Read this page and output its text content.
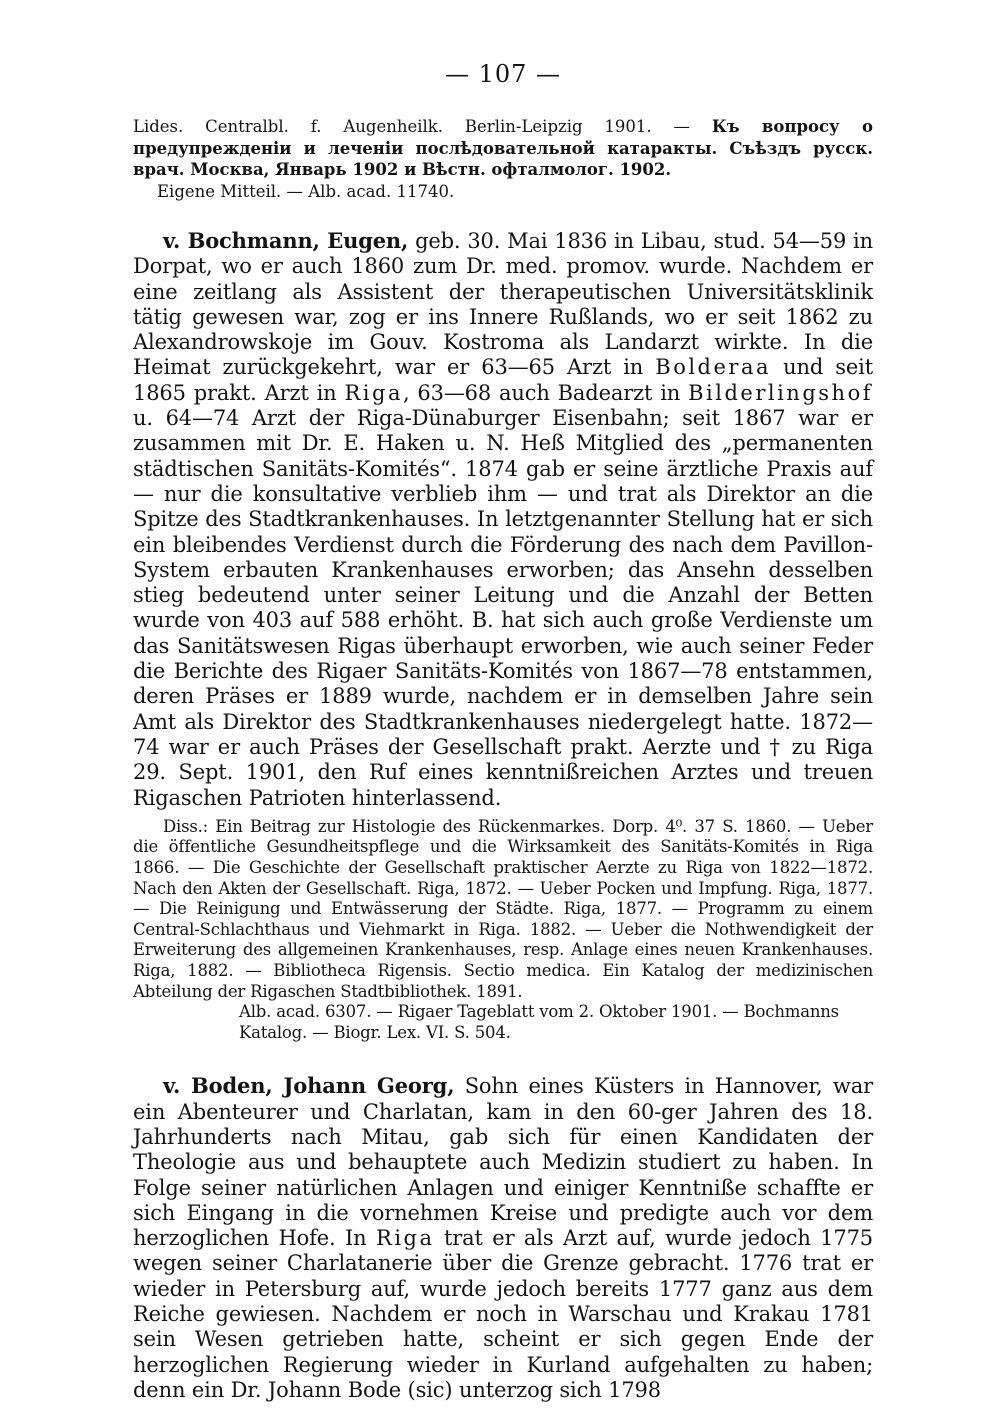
— 107 —

Lides. Centralbl. f. Augenheilk. Berlin-Leipzig 1901. — Къ вопросу о предупрежденіи и леченіи послѣдовательной катаракты. Съѣздъ русск. врач. Москва, Январь 1902 и Вѣстн. офталмолог. 1902.

Eigene Mitteil. — Alb. acad. 11740.

v. Bochmann, Eugen, geb. 30. Mai 1836 in Libau, stud. 54—59 in Dorpat, wo er auch 1860 zum Dr. med. promov. wurde. Nachdem er eine zeitlang als Assistent der therapeutischen Universitätsklinik tätig gewesen war, zog er ins Innere Rußlands, wo er seit 1862 zu Alexandrowskoje im Gouv. Kostroma als Landarzt wirkte. In die Heimat zurückgekehrt, war er 63—65 Arzt in Bolderaa und seit 1865 prakt. Arzt in Riga, 63—68 auch Badearzt in Bilderlingshof u. 64—74 Arzt der Riga-Dünaburger Eisenbahn; seit 1867 war er zusammen mit Dr. E. Haken u. N. Heß Mitglied des „permanenten städtischen Sanitäts-Komités“. 1874 gab er seine ärztliche Praxis auf — nur die konsultative verblieb ihm — und trat als Direktor an die Spitze des Stadtkrankenhauses. In letztgenannter Stellung hat er sich ein bleibendes Verdienst durch die Förderung des nach dem Pavillon-System erbauten Krankenhauses erworben; das Ansehn desselben stieg bedeutend unter seiner Leitung und die Anzahl der Betten wurde von 403 auf 588 erhöht. B. hat sich auch große Verdienste um das Sanitätswesen Rigas überhaupt erworben, wie auch seiner Feder die Berichte des Rigaer Sanitäts-Komités von 1867—78 entstammen, deren Präses er 1889 wurde, nachdem er in demselben Jahre sein Amt als Direktor des Stadtkrankenhauses niedergelegt hatte. 1872—74 war er auch Präses der Gesellschaft prakt. Aerzte und † zu Riga 29. Sept. 1901, den Ruf eines kenntnißreichen Arztes und treuen Rigaschen Patrioten hinterlassend.

Diss.: Ein Beitrag zur Histologie des Rückenmarkes. Dorp. 4⁰. 37 S. 1860. — Ueber die öffentliche Gesundheitspflege und die Wirksamkeit des Sanitäts-Komités in Riga 1866. — Die Geschichte der Gesellschaft praktischer Aerzte zu Riga von 1822—1872. Nach den Akten der Gesellschaft. Riga, 1872. — Ueber Pocken und Impfung. Riga, 1877. — Die Reinigung und Entwässerung der Städte. Riga, 1877. — Programm zu einem Central-Schlachthaus und Viehmarkt in Riga. 1882. — Ueber die Nothwendigkeit der Erweiterung des allgemeinen Krankenhauses, resp. Anlage eines neuen Krankenhauses. Riga, 1882. — Bibliotheca Rigensis. Sectio medica. Ein Katalog der medizinischen Abteilung der Rigaschen Stadtbibliothek. 1891.

Alb. acad. 6307. — Rigaer Tageblatt vom 2. Oktober 1901. — Bochmanns Katalog. — Biogr. Lex. VI. S. 504.

v. Boden, Johann Georg, Sohn eines Küsters in Hannover, war ein Abenteurer und Charlatan, kam in den 60-ger Jahren des 18. Jahrhunderts nach Mitau, gab sich für einen Kandidaten der Theologie aus und behauptete auch Medizin studiert zu haben. In Folge seiner natürlichen Anlagen und einiger Kenntniße schaffte er sich Eingang in die vornehmen Kreise und predigte auch vor dem herzoglichen Hofe. In Riga trat er als Arzt auf, wurde jedoch 1775 wegen seiner Charlatanerie über die Grenze gebracht. 1776 trat er wieder in Petersburg auf, wurde jedoch bereits 1777 ganz aus dem Reiche gewiesen. Nachdem er noch in Warschau und Krakau 1781 sein Wesen getrieben hatte, scheint er sich gegen Ende der herzoglichen Regierung wieder in Kurland aufgehalten zu haben; denn ein Dr. Johann Bode (sic) unterzog sich 1798
